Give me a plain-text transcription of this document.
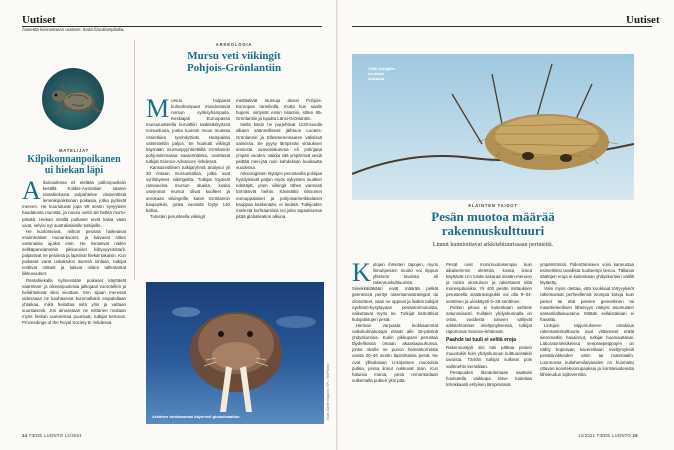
Uutiset
Äänestä kiinnostavin uutinen: tiede.fi/uutisetpilalla.
Uutiset
MATELIJAT
Kilpikonnanpoikanen
ui hiekan läpi
A ikuisoidessa eli etelään pallonpuolisiin kesällä Kolibis-Australian saaren rantahiekasta pulpahtelee viisisenttisiä lemmikipoikkonan poikasia, jotka pyrkivät mereen. He kuoriutuvat jopa 80 sentin syvyyteen haudatusta munista, ja nousu voittii siit hetkiä murto-päivää. Hiekan sisällä poikaset eivät kaiva vaan uivat, selvisi nyt australialaisille tutkijoille.

He kuolonteivat, miltoin pesissä haikeaivat ensimmäiset munankuoret, ja kaivavat sitten varsinaisia ajoiksi esin. He lionasivat niiden sellkäpansianrehin pikkuruiset kiiltyvyysmittarit, paljastivat ne pesiinsä ja lapsiivat hiekat takaisin. Kun poikaset varat uskaktuksi itsensä ionlaan, tutkijat nnittivat mittarit ja lukivat niiden tallentamat liikkuvuutset.

Rantahiekalla nylmessään poikaset käyttävät vaantman- ja oikeanpuoleisia jalkojaan vuorotellen ja heilahtelevat siksi sivuttain. Sen sijaan meressä uidessaan ne kauhasevat kummallakin etupalallaan yhtaikaa, mikä heiluttaa niitä ylös ja vattaan suuntaisesti. Jos ainoastaan ne mittarien mukaan myös hiekan uumenissa puursuat, tutkijat kertovat. Proceedings of the Royal Society B -lehdessä.

ARKEOLOGIA
Mursu veti viikingit
Pohjois-Grönlantiin
M ursun hulppeat kulmahampaat muodostavat norsun syöksyhampaita. Keskiajan Euroopassa mursutuotteella korvattiin taidekäsityössä norsunluuta, jonka tuonnin muun muassa ristiretkien tyrehdyttivät. Hampaista valmistettiin paljon. Se houkutti viikingit käymään mursunpyyntiretkillä Grönlannin pohjoisimmassa saarennäissa, osoittavat tutkijat Science Advances -lehdessä.

Kansainvälinen tutkijaryhmä analysoi yli 30 rintaan mursunkalloa, jotka ovat syrilöityneet viikingeiltä. Tutkijat löysivät rasvaeoina mursun alueita, koska useimmat mursut olivat kuolleet ja arvokaan viikingeille, kuten Grönlannin kaupunkiin, jonka vuosista löytyi 140 kalloa.

Tulosten perusteella viikingit

mettästivät mursuja alussi Pohjois-Euroopan rannikolla, mutta kun saalis hupeni, siirtyivät ensin Islantiin, sitten Itä-Grönlantiin ja lopulta Länsi-Grönlantiin.

Siellä käsin he purjehtivat 1120-luvulla alkaen säännöllisesti jäihtoon Luoteis-Grönlannin ja Ellesmerensaaren välisissä salmissa. Se pyysy lämpimän virtauksen ansiosta avovesialueena eli polinjana ympäri vuoden, vaikka sitä ympäröivä vesiä peittää meri-jää noin kahdeksan kuukautta vuodessa.

Arkeologisten löytöjen perusteella polinjaa hyödynsivät paljon myös nykyisten inuittien edeltäjät, joten viikingit tähes varmasti törmäsivät heihin. Kävivätkö siissomet eurooppalaiset ja pohjoisamerikkalaiset kauppaa keskenään, ei tiedetä. Tutkijoiden mielestä korhtaamisia voi jokio tapauksessa pitää globalisation alkuna.

Arktinen torahammas käynnisti globalisaation.	Kuva: Gaelle Gagnon / SPL / MVPhotos
Täliti kutojalin
on kaksi
sisäuloa.
ELÄINTEN TAIDOT
Pesän muotoa määrää
rakennuskulttuuri
Linnut kunnioittavat arkkitehtuurissaan perinteitä.
K utojen ihmisten tapojen, myös linnunpesien muoto voi riippua yhteisön tavoista eli rakennuskulttuurista. Siivekkäitäkään eivät määrää pelkät geeneissä perityt rakentamisstrategiat tai olosuhteet, vaan ne oppivat ja lisäkin tutkijat oyshäirö-kysytavaan pesäntorimutuista, vaikuttavat myös ne. Tutkijat kartoittivat kutojalintujen pesiä.

Hieman varjuasta lookkaammat valkokulmakutojat elävät alle 15-päisinä yhdyskuntina. Kukin pikkuparvi perustaa täydellisissä omaan akaasiapuuhunsa, jonka oksille se punoo heinänkorreista useita 20–40 sentin läpimittaisia pesiä. Ne ovat yllisaloiaan U-kirjaimen muotoisia putkia, joissa linnut nukkuvat öisin. Kun haluisia munia, pesä remontoidaan sulkemalla putken yksi pää.

Pesät ovat monimuotoisempia kuin aikaisemmin oletettiin, koska linnut käyttävät U:n toista sakaraa sisään-menoon ja toista ulostuloon ja rakentavat niitä monenpituisiksi. Yli 400 pesän mittauksen perusteella sisääntulopukki voi olla 9–34-senttinen ja uloskäynti 5–30-senttinen.

Putken pituus ei kuitenkaan vaihtele satunnaisesti. Kullakin yhdyskunnalla on omat, vuodesta toiseen säilyvät arkkitehtoniset mieltymyksensä, tutkijat raportoivat Science-lehdessä.

Paahde tai tuuli ei selitä eroja
Rakennustyyli siis toki pätkaa pesien muuotokin kuin yhdyskunnan kulttuuristakin tavoista. Tämän tutkijat sulkivat pois vaihtoehto kerrallaan.

Pesäpuiden läsnäolemaan saattaisi houkutella vaikkapa tarve tuulettaa tehokkaasti erityisen lämpimässä

ympäristössä. Pidentämiseen voisi kannustaa esimerkiksi tavallista tuulisempi tienoo. Tällaisia säätöjen eroja ei kuitenkaan yhdyskuntien välillä löytäetty.

Voisi myös olettaa, että kookkaat törtyvyksiöt rakentavisat perheellensä isompia koteja kuin pienet tai että parvien geneettinen tai maantieteellinen läheisyys näkyisi asumusten samankaltaisuutena. Mitään sellaistakaan ei havaittu.

Lintujen tapjumukseen omaksua rakentamiskulttuuria ovat viittanneet eräät aiemmatkin havainnot, tutkijat huomauttavat. Laboratorioksikeissa seepraepeippojen on nähty kopioivan kavereiltaan mieltymyksiä pesätarvikkeiden värin tai materiaalin. Luonnossa kultahemilaivasalen on huomattu ottavan koostekunnupauksia ja koristeluideoista lähiseudun lajitovereilta.

14 TIEDE LUONTO 12/2021	12/2021 TIEDE LUONTO 15
